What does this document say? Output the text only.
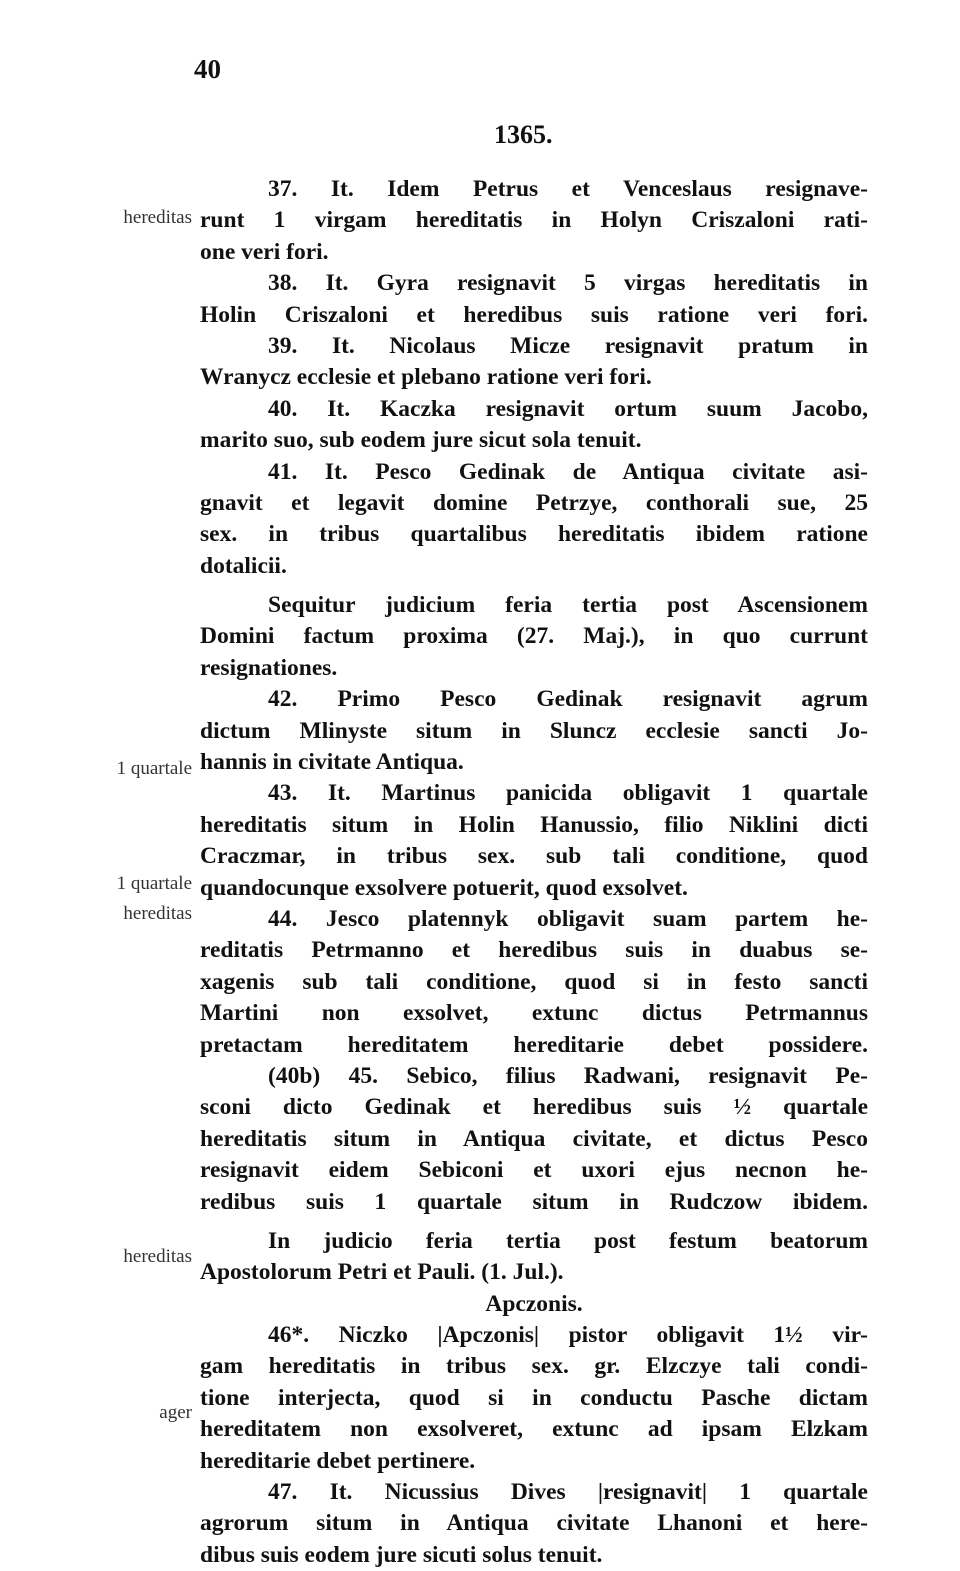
40
1365.
hereditas
1 quartale
1 quartale
hereditas
hereditas
ager
37. It. Idem Petrus et Venceslaus resignave-
runt 1 virgam hereditatis in Holyn Criszaloni rati-
one veri fori.
38. It. Gyra resignavit 5 virgas hereditatis in
Holin Criszaloni et heredibus suis ratione veri fori.
39. It. Nicolaus Micze resignavit pratum in
Wranycz ecclesie et plebano ratione veri fori.
40. It. Kaczka resignavit ortum suum Jacobo,
marito suo, sub eodem jure sicut sola tenuit.
41. It. Pesco Gedinak de Antiqua civitate asi-
gnavit et legavit domine Petrzye, conthorali sue, 25
sex. in tribus quartalibus hereditatis ibidem ratione
dotalicii.
Sequitur judicium feria tertia post Ascensionem
Domini factum proxima (27. Maj.), in quo currunt
resignationes.
42. Primo Pesco Gedinak resignavit agrum
dictum Mlinyste situm in Sluncz ecclesie sancti Jo-
hannis in civitate Antiqua.
43. It. Martinus panicida obligavit 1 quartale
hereditatis situm in Holin Hanussio, filio Niklini dicti
Craczmar, in tribus sex. sub tali conditione, quod
quandocunque exsolvere potuerit, quod exsolvet.
44. Jesco platennyk obligavit suam partem he-
reditatis Petrmanno et heredibus suis in duabus se-
xagenis sub tali conditione, quod si in festo sancti
Martini non exsolvet, extunc dictus Petrmannus
pretactam hereditatem hereditarie debet possidere.
(40b) 45. Sebico, filius Radwani, resignavit Pe-
sconi dicto Gedinak et heredibus suis ½ quartale
hereditatis situm in Antiqua civitate, et dictus Pesco
resignavit eidem Sebiconi et uxori ejus necnon he-
redibus suis 1 quartale situm in Rudczow ibidem.
In judicio feria tertia post festum beatorum
Apostolorum Petri et Pauli. (1. Jul.).
Apczonis.
46*. Niczko |Apczonis| pistor obligavit 1½ vir-
gam hereditatis in tribus sex. gr. Elzczye tali condi-
tione interjecta, quod si in conductu Pasche dictam
hereditatem non exsolveret, extunc ad ipsam Elzkam
hereditarie debet pertinere.
47. It. Nicussius Dives |resignavit| 1 quartale
agrorum situm in Antiqua civitate Lhanoni et here-
dibus suis eodem jure sicuti solus tenuit.
